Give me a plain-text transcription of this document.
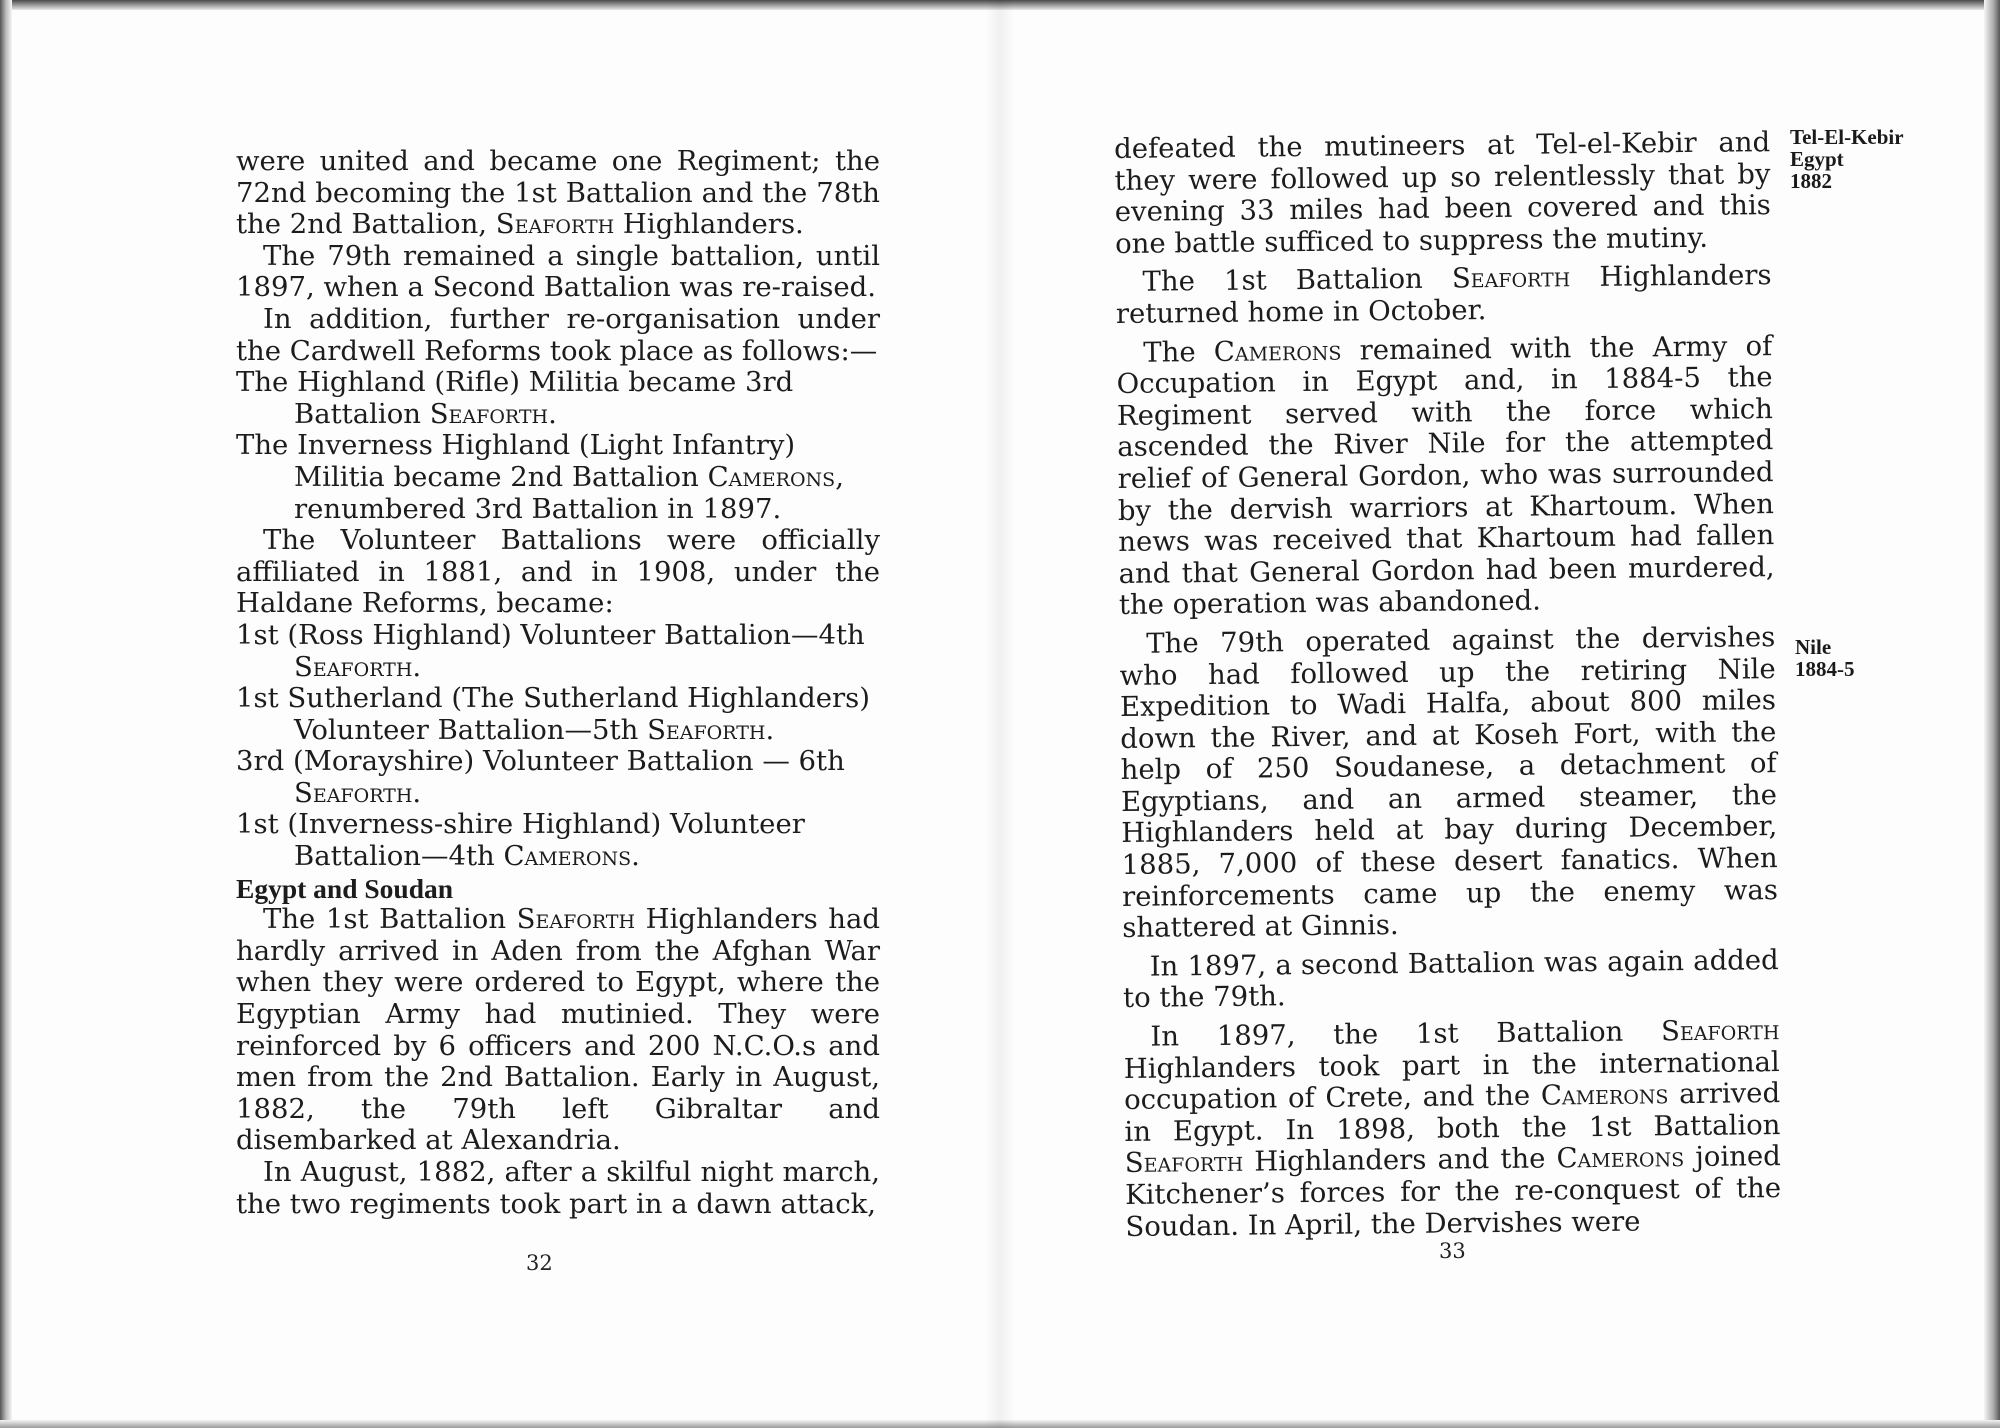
were united and became one Regiment; the 72nd becoming the 1st Battalion and the 78th the 2nd Battalion, Seaforth Highlanders.

The 79th remained a single battalion, until 1897, when a Second Battalion was re-raised.

In addition, further re-organisation under the Cardwell Reforms took place as follows:—

The Highland (Rifle) Militia became 3rd Battalion Seaforth.

The Inverness Highland (Light Infantry) Militia became 2nd Battalion Camerons, renumbered 3rd Battalion in 1897.

The Volunteer Battalions were officially affiliated in 1881, and in 1908, under the Haldane Reforms, became:

1st (Ross Highland) Volunteer Battalion—4th Seaforth.

1st Sutherland (The Sutherland Highlanders) Volunteer Battalion—5th Seaforth.

3rd (Morayshire) Volunteer Battalion — 6th Seaforth.

1st (Inverness-shire Highland) Volunteer Battalion—4th Camerons.

Egypt and Soudan

The 1st Battalion Seaforth Highlanders had hardly arrived in Aden from the Afghan War when they were ordered to Egypt, where the Egyptian Army had mutinied. They were reinforced by 6 officers and 200 N.C.O.s and men from the 2nd Battalion. Early in August, 1882, the 79th left Gibraltar and disembarked at Alexandria.

In August, 1882, after a skilful night march, the two regiments took part in a dawn attack,

32

defeated the mutineers at Tel-el-Kebir and they were followed up so relentlessly that by evening 33 miles had been covered and this one battle sufficed to suppress the mutiny.

The 1st Battalion Seaforth Highlanders returned home in October.

The Camerons remained with the Army of Occupation in Egypt and, in 1884-5 the Regiment served with the force which ascended the River Nile for the attempted relief of General Gordon, who was surrounded by the dervish warriors at Khartoum. When news was received that Khartoum had fallen and that General Gordon had been murdered, the operation was abandoned.

The 79th operated against the dervishes who had followed up the retiring Nile Expedition to Wadi Halfa, about 800 miles down the River, and at Koseh Fort, with the help of 250 Soudanese, a detachment of Egyptians, and an armed steamer, the Highlanders held at bay during December, 1885, 7,000 of these desert fanatics. When reinforcements came up the enemy was shattered at Ginnis.

In 1897, a second Battalion was again added to the 79th.

In 1897, the 1st Battalion Seaforth Highlanders took part in the international occupation of Crete, and the Camerons arrived in Egypt. In 1898, both the 1st Battalion Seaforth Highlanders and the Camerons joined Kitchener’s forces for the re-conquest of the Soudan. In April, the Dervishes were

33
Tel-El-Kebir
Egypt
1882
Nile
1884-5
